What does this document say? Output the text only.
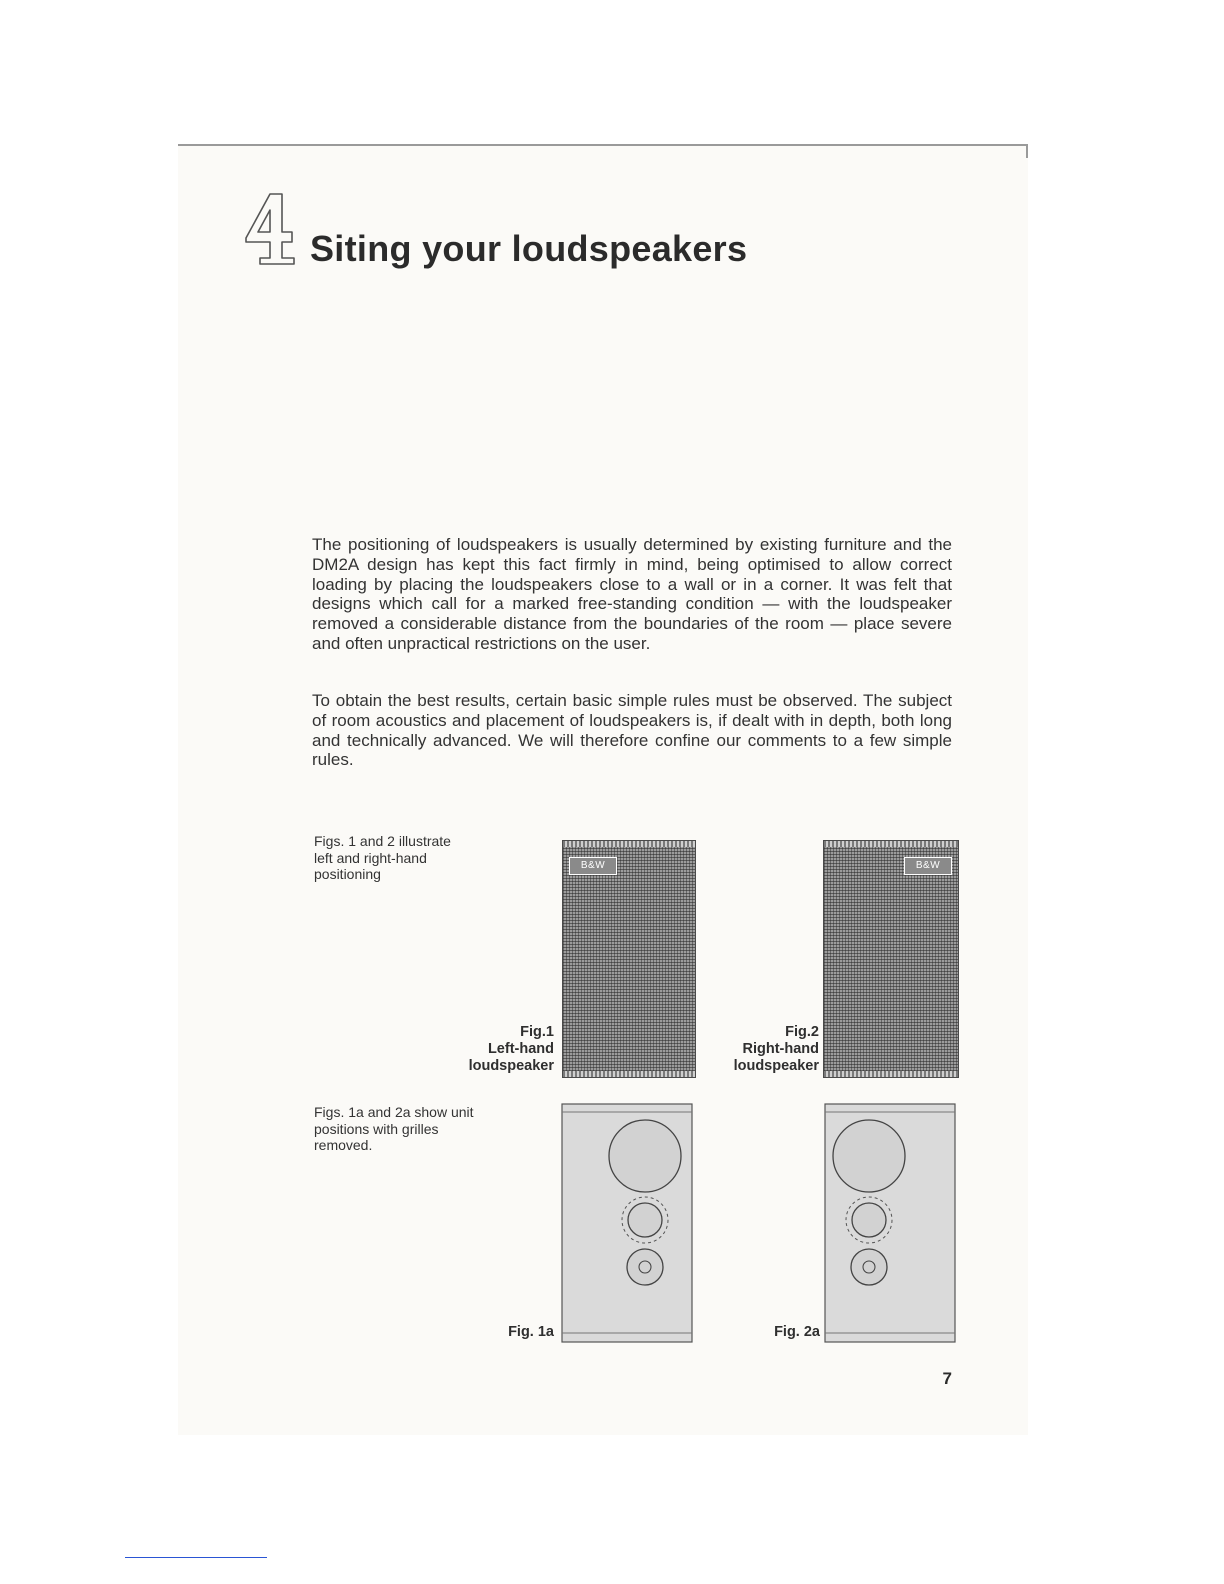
Siting your loudspeakers

The positioning of loudspeakers is usually determined by existing furniture and the DM2A design has kept this fact firmly in mind, being optimised to allow correct loading by placing the loudspeakers close to a wall or in a corner. It was felt that designs which call for a marked free-standing condition — with the loudspeaker removed a considerable distance from the boundaries of the room — place severe and often unpractical restrictions on the user.

To obtain the best results, certain basic simple rules must be observed. The subject of room acoustics and placement of loudspeakers is, if dealt with in depth, both long and technically advanced. We will therefore confine our comments to a few simple rules.

Figs. 1 and 2 illustrate
left and right-hand
positioning
B&W
Fig.1
Left-hand
loudspeaker
B&W
Fig.2
Right-hand
loudspeaker
Figs. 1a and 2a show unit
positions with grilles
removed.
Fig. 1a	Fig. 2a
7
